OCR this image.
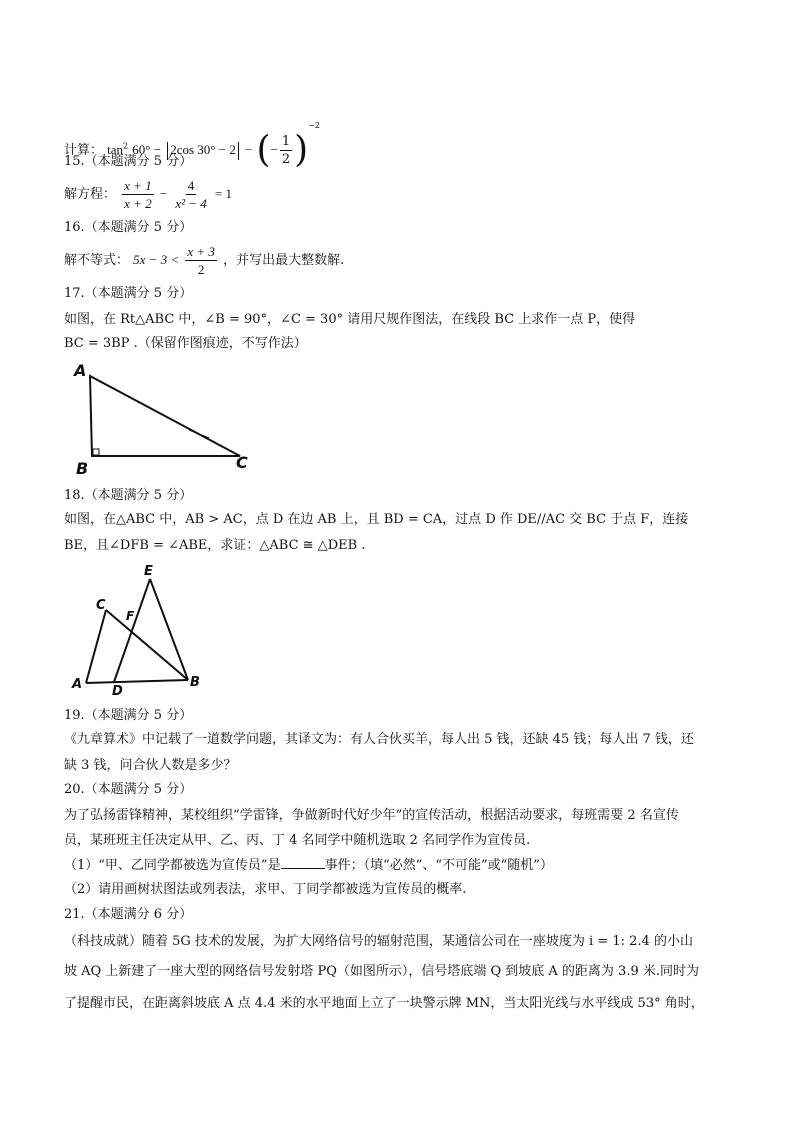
计算： $\tan^2 60^\circ - 2\cos$ 30° − 2 − (− $\frac{1}{2} )^{-2}$
15.（本题满分 5 分）
解方程： $\frac{x + 1}{x + 2} - \frac{4}{\text{x² − 4}} = 1$
16.（本题满分 5 分）
解不等式： $5x - 3 < \frac{x + 3}{2}$ ，并写出最大整数解.
17.（本题满分 5 分）
如图，在 Rt△ABC 中，∠B = 90°，∠C = 30° 请用尺规作图法，在线段 BC 上求作一点 P，使得
BC = 3BP .（保留作图痕迹，不写作法）
A
B	C
18.（本题满分 5 分）
如图，在△ABC 中，AB > AC，点 D 在边 AB 上，且 BD = CA，过点 D 作 DE//AC 交 BC 于点 F，连接
BE，且∠DFB = ∠ABE，求证：△ABC ≅ △DEB .
E
C
F
A D
B
19.（本题满分 5 分）
《九章算术》中记载了一道数学问题，其译文为：有人合伙买羊，每人出 5 钱，还缺 45 钱；每人出 7 钱，还
缺 3 钱，问合伙人数是多少？
20.（本题满分 5 分）
为了弘扬雷锋精神，某校组织“学雷锋，争做新时代好少年”的宣传活动，根据活动要求，每班需要 2 名宣传
员，某班班主任决定从甲、乙、丙、丁 4 名同学中随机选取 2 名同学作为宣传员.
（1）“甲、乙同学都被选为宣传员”是	事件；（填“必然”、“不可能”或“随机”）
（2）请用画树状图法或列表法，求甲、丁同学都被选为宣传员的概率.
21.（本题满分 6 分）
（科技成就）随着 5G 技术的发展，为扩大网络信号的辐射范围，某通信公司在一座坡度为 i = 1: 2.4 的小山
坡 AQ 上新建了一座大型的网络信号发射塔 PQ（如图所示），信号塔底端 Q 到坡底 A 的距离为 3.9 米.同时为
了提醒市民，在距离斜坡底 A 点 4.4 米的水平地面上立了一块警示牌 MN，当太阳光线与水平线成 53° 角时，
